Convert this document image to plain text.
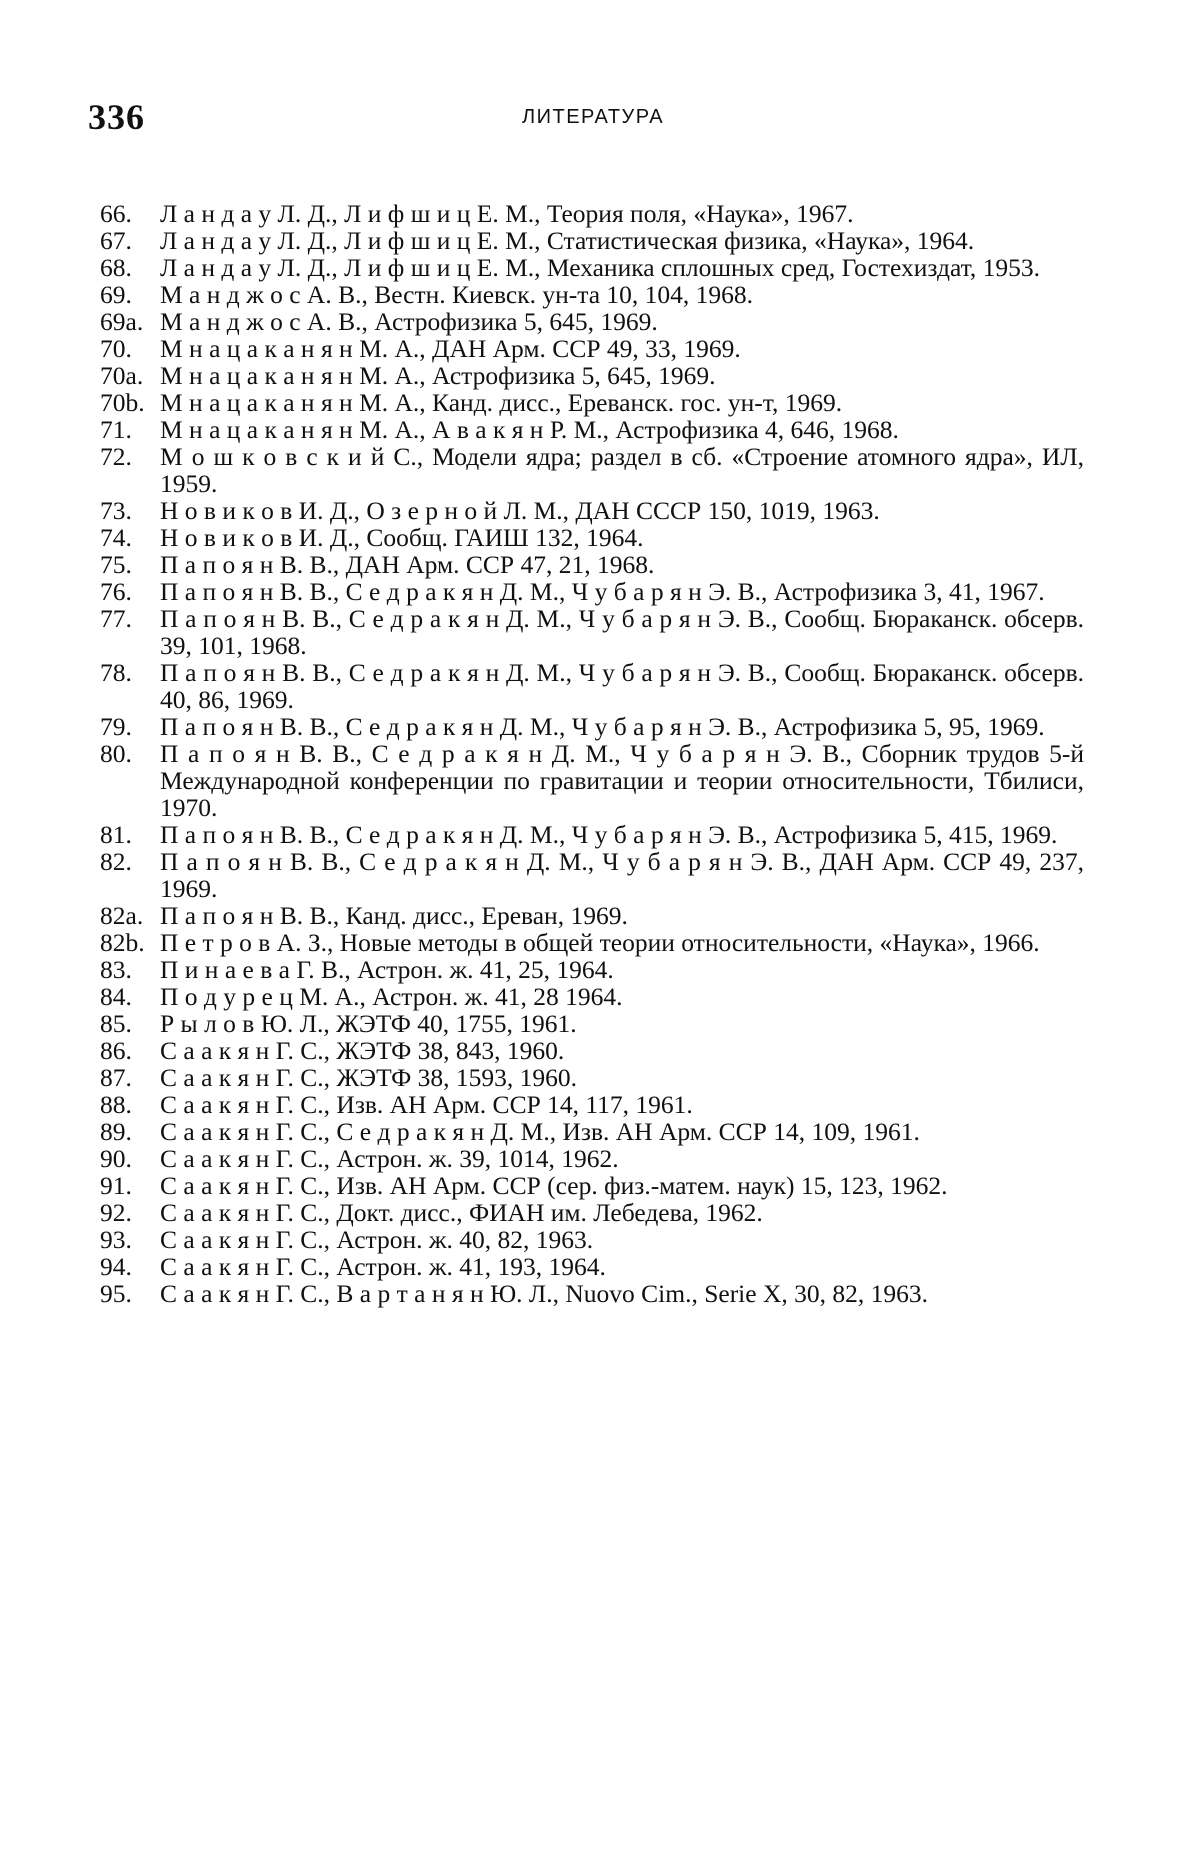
336	ЛИТЕРАТУРА
66. Л а н д а у Л. Д., Л и ф ш и ц Е. М., Теория поля, «Наука», 1967.
67. Л а н д а у Л. Д., Л и ф ш и ц Е. М., Статистическая физика, «Наука», 1964.
68. Л а н д а у Л. Д., Л и ф ш и ц Е. М., Механика сплошных сред, Гостехиздат, 1953.
69. М а н д ж о с А. В., Вестн. Киевск. ун-та 10, 104, 1968.
69а. М а н д ж о с А. В., Астрофизика 5, 645, 1969.
70. М н а ц а к а н я н М. А., ДАН Арм. ССР 49, 33, 1969.
70а. М н а ц а к а н я н М. А., Астрофизика 5, 645, 1969.
70b. М н а ц а к а н я н М. А., Канд. дисс., Ереванск. гос. ун-т, 1969.
71. М н а ц а к а н я н М. А., А в а к я н Р. М., Астрофизика 4, 646, 1968.
72. М о ш к о в с к и й С., Модели ядра; раздел в сб. «Строение атомного ядра», ИЛ, 1959.
73. Н о в и к о в И. Д., О з е р н о й Л. М., ДАН СССР 150, 1019, 1963.
74. Н о в и к о в И. Д., Сообщ. ГАИШ 132, 1964.
75. П а п о я н В. В., ДАН Арм. ССР 47, 21, 1968.
76. П а п о я н В. В., С е д р а к я н Д. М., Ч у б а р я н Э. В., Астрофизика 3, 41, 1967.
77. П а п о я н В. В., С е д р а к я н Д. М., Ч у б а р я н Э. В., Сообщ. Бюраканск. обсерв. 39, 101, 1968.
78. П а п о я н В. В., С е д р а к я н Д. М., Ч у б а р я н Э. В., Сообщ. Бюраканск. обсерв. 40, 86, 1969.
79. П а п о я н В. В., С е д р а к я н Д. М., Ч у б а р я н Э. В., Астрофизика 5, 95, 1969.
80. П а п о я н В. В., С е д р а к я н Д. М., Ч у б а р я н Э. В., Сборник трудов 5-й Международной конференции по гравитации и теории относительности, Тбилиси, 1970.
81. П а п о я н В. В., С е д р а к я н Д. М., Ч у б а р я н Э. В., Астрофизика 5, 415, 1969.
82. П а п о я н В. В., С е д р а к я н Д. М., Ч у б а р я н Э. В., ДАН Арм. ССР 49, 237, 1969.
82а. П а п о я н В. В., Канд. дисс., Ереван, 1969.
82b. П е т р о в А. З., Новые методы в общей теории относительности, «Наука», 1966.
83. П и н а е в а Г. В., Астрон. ж. 41, 25, 1964.
84. П о д у р е ц М. А., Астрон. ж. 41, 28 1964.
85. Р ы л о в Ю. Л., ЖЭТФ 40, 1755, 1961.
86. С а а к я н Г. С., ЖЭТФ 38, 843, 1960.
87. С а а к я н Г. С., ЖЭТФ 38, 1593, 1960.
88. С а а к я н Г. С., Изв. АН Арм. ССР 14, 117, 1961.
89. С а а к я н Г. С., С е д р а к я н Д. М., Изв. АН Арм. ССР 14, 109, 1961.
90. С а а к я н Г. С., Астрон. ж. 39, 1014, 1962.
91. С а а к я н Г. С., Изв. АН Арм. ССР (сер. физ.-матем. наук) 15, 123, 1962.
92. С а а к я н Г. С., Докт. дисс., ФИАН им. Лебедева, 1962.
93. С а а к я н Г. С., Астрон. ж. 40, 82, 1963.
94. С а а к я н Г. С., Астрон. ж. 41, 193, 1964.
95. С а а к я н Г. С., В а р т а н я н Ю. Л., Nuovo Cim., Serie X, 30, 82, 1963.
